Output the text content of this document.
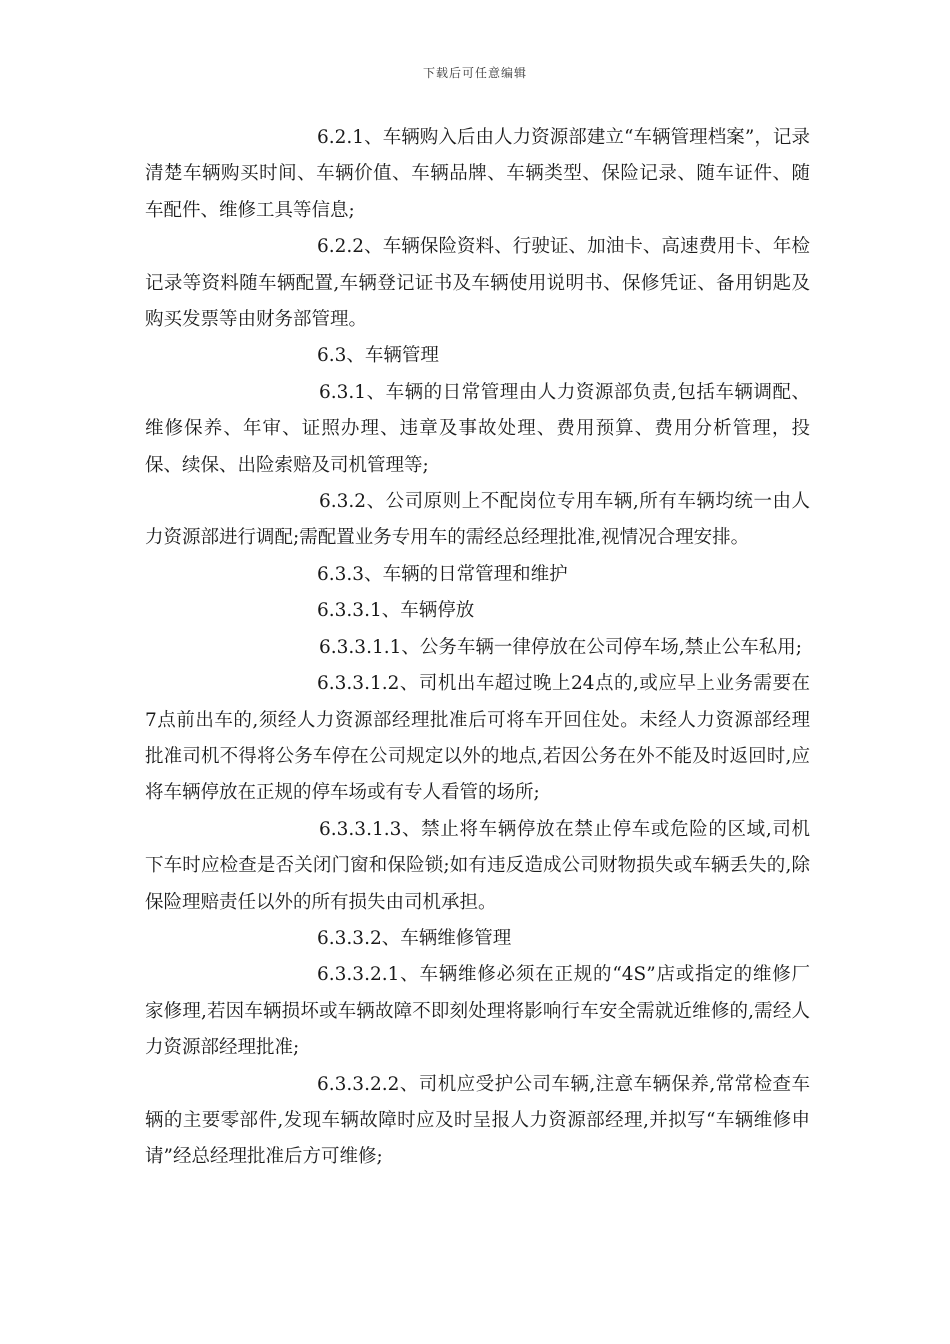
下载后可任意编辑

6.2.1、车辆购入后由人力资源部建立“车辆管理档案”，记录清楚车辆购买时间、车辆价值、车辆品牌、车辆类型、保险记录、随车证件、随车配件、维修工具等信息;

6.2.2、车辆保险资料、行驶证、加油卡、高速费用卡、年检记录等资料随车辆配置,车辆登记证书及车辆使用说明书、保修凭证、备用钥匙及购买发票等由财务部管理。

6.3、车辆管理

6.3.1、车辆的日常管理由人力资源部负责,包括车辆调配、维修保养、年审、证照办理、违章及事故处理、费用预算、费用分析管理，投保、续保、出险索赔及司机管理等;

6.3.2、公司原则上不配岗位专用车辆,所有车辆均统一由人力资源部进行调配;需配置业务专用车的需经总经理批准,视情况合理安排。

6.3.3、车辆的日常管理和维护

6.3.3.1、车辆停放

6.3.3.1.1、公务车辆一律停放在公司停车场,禁止公车私用;

6.3.3.1.2、司机出车超过晚上24点的,或应早上业务需要在7点前出车的,须经人力资源部经理批准后可将车开回住处。未经人力资源部经理批准司机不得将公务车停在公司规定以外的地点,若因公务在外不能及时返回时,应将车辆停放在正规的停车场或有专人看管的场所;

6.3.3.1.3、禁止将车辆停放在禁止停车或危险的区域,司机下车时应检查是否关闭门窗和保险锁;如有违反造成公司财物损失或车辆丢失的,除保险理赔责任以外的所有损失由司机承担。

6.3.3.2、车辆维修管理

6.3.3.2.1、车辆维修必须在正规的“4S”店或指定的维修厂家修理,若因车辆损坏或车辆故障不即刻处理将影响行车安全需就近维修的,需经人力资源部经理批准;

6.3.3.2.2、司机应受护公司车辆,注意车辆保养,常常检查车辆的主要零部件,发现车辆故障时应及时呈报人力资源部经理,并拟写“车辆维修申请”经总经理批准后方可维修;
